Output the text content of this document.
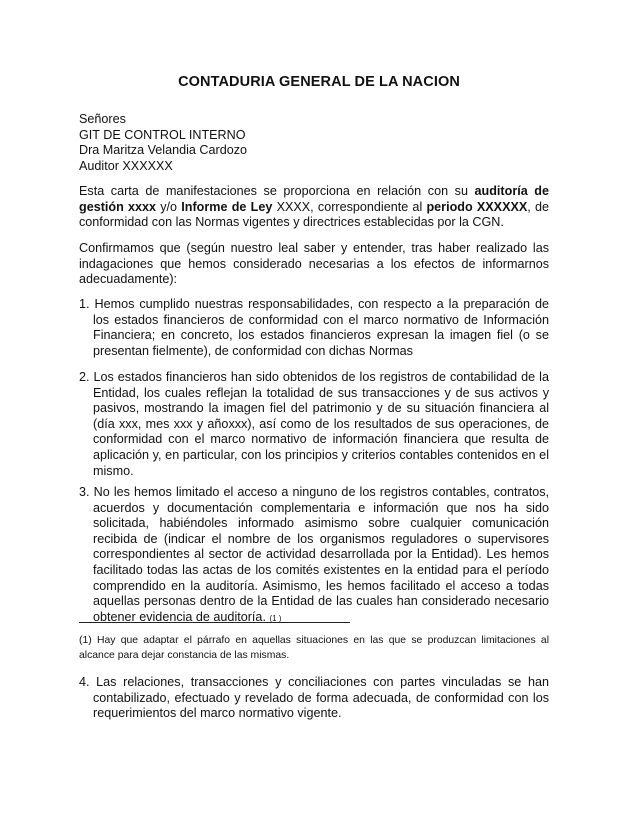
CONTADURIA GENERAL DE LA NACION
Señores
GIT DE CONTROL INTERNO
Dra Maritza Velandia Cardozo
Auditor XXXXXX

Esta carta de manifestaciones se proporciona en relación con su auditoría de gestión xxxx y/o Informe de Ley XXXX, correspondiente al periodo XXXXXX, de conformidad con las Normas vigentes y directrices establecidas por la CGN.

Confirmamos que (según nuestro leal saber y entender, tras haber realizado las indagaciones que hemos considerado necesarias a los efectos de informarnos adecuadamente):

1. Hemos cumplido nuestras responsabilidades, con respecto a la preparación de los estados financieros de conformidad con el marco normativo de Información Financiera; en concreto, los estados financieros expresan la imagen fiel (o se presentan fielmente), de conformidad con dichas Normas

2. Los estados financieros han sido obtenidos de los registros de contabilidad de la Entidad, los cuales reflejan la totalidad de sus transacciones y de sus activos y pasivos, mostrando la imagen fiel del patrimonio y de su situación financiera al (día xxx, mes xxx y añoxxx), así como de los resultados de sus operaciones, de conformidad con el marco normativo de información financiera que resulta de aplicación y, en particular, con los principios y criterios contables contenidos en el mismo.

3. No les hemos limitado el acceso a ninguno de los registros contables, contratos, acuerdos y documentación complementaria e información que nos ha sido solicitada, habiéndoles informado asimismo sobre cualquier comunicación recibida de (indicar el nombre de los organismos reguladores o supervisores correspondientes al sector de actividad desarrollada por la Entidad). Les hemos facilitado todas las actas de los comités existentes en la entidad para el período comprendido en la auditoría. Asimismo, les hemos facilitado el acceso a todas aquellas personas dentro de la Entidad de las cuales han considerado necesario obtener evidencia de auditoría. (1 )

(1) Hay que adaptar el párrafo en aquellas situaciones en las que se produzcan limitaciones al alcance para dejar constancia de las mismas.

4. Las relaciones, transacciones y conciliaciones con partes vinculadas se han contabilizado, efectuado y revelado de forma adecuada, de conformidad con los requerimientos del marco normativo vigente.
